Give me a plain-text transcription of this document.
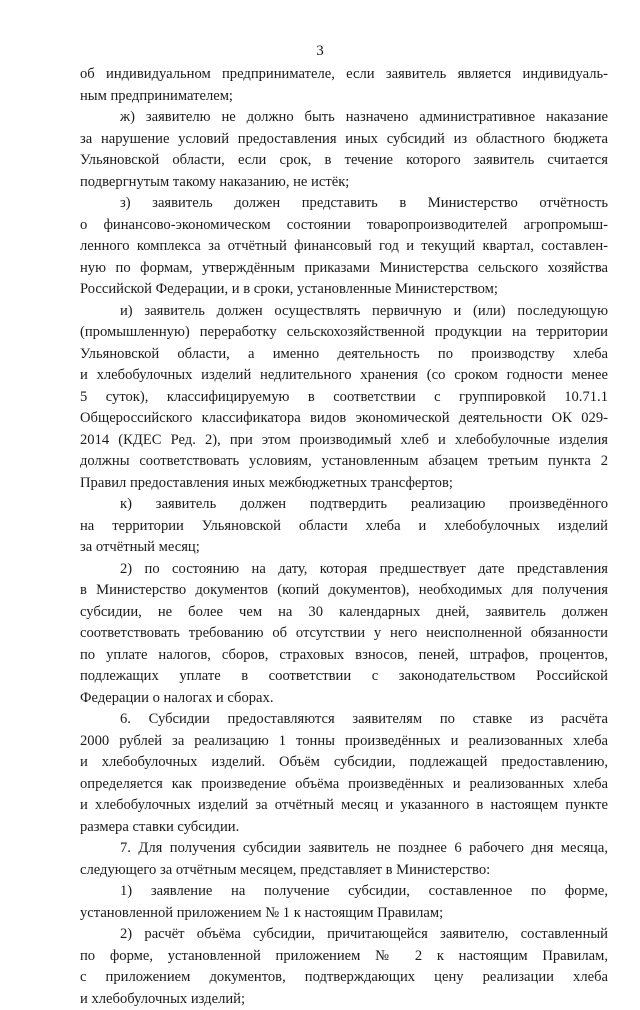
3
об индивидуальном предпринимателе, если заявитель является индивидуаль-
ным предпринимателем;
ж) заявителю не должно быть назначено административное наказание
за нарушение условий предоставления иных субсидий из областного бюджета
Ульяновской области, если срок, в течение которого заявитель считается
подвергнутым такому наказанию, не истёк;
з) заявитель должен представить в Министерство отчётность
о финансово-экономическом состоянии товаропроизводителей агропромыш-
ленного комплекса за отчётный финансовый год и текущий квартал, составлен-
ную по формам, утверждённым приказами Министерства сельского хозяйства
Российской Федерации, и в сроки, установленные Министерством;
и) заявитель должен осуществлять первичную и (или) последующую
(промышленную) переработку сельскохозяйственной продукции на территории
Ульяновской области, а именно деятельность по производству хлеба
и хлебобулочных изделий недлительного хранения (со сроком годности менее
5 суток), классифицируемую в соответствии с группировкой 10.71.1
Общероссийского классификатора видов экономической деятельности ОК 029-
2014 (КДЕС Ред. 2), при этом производимый хлеб и хлебобулочные изделия
должны соответствовать условиям, установленным абзацем третьим пункта 2
Правил предоставления иных межбюджетных трансфертов;
к) заявитель должен подтвердить реализацию произведённого
на территории Ульяновской области хлеба и хлебобулочных изделий
за отчётный месяц;
2) по состоянию на дату, которая предшествует дате представления
в Министерство документов (копий документов), необходимых для получения
субсидии, не более чем на 30 календарных дней, заявитель должен
соответствовать требованию об отсутствии у него неисполненной обязанности
по уплате налогов, сборов, страховых взносов, пеней, штрафов, процентов,
подлежащих уплате в соответствии с законодательством Российской
Федерации о налогах и сборах.
6. Субсидии предоставляются заявителям по ставке из расчёта
2000 рублей за реализацию 1 тонны произведённых и реализованных хлеба
и хлебобулочных изделий. Объём субсидии, подлежащей предоставлению,
определяется как произведение объёма произведённых и реализованных хлеба
и хлебобулочных изделий за отчётный месяц и указанного в настоящем пункте
размера ставки субсидии.
7. Для получения субсидии заявитель не позднее 6 рабочего дня месяца,
следующего за отчётным месяцем, представляет в Министерство:
1) заявление на получение субсидии, составленное по форме,
установленной приложением № 1 к настоящим Правилам;
2) расчёт объёма субсидии, причитающейся заявителю, составленный
по форме, установленной приложением № 2 к настоящим Правилам,
с приложением документов, подтверждающих цену реализации хлеба
и хлебобулочных изделий;
